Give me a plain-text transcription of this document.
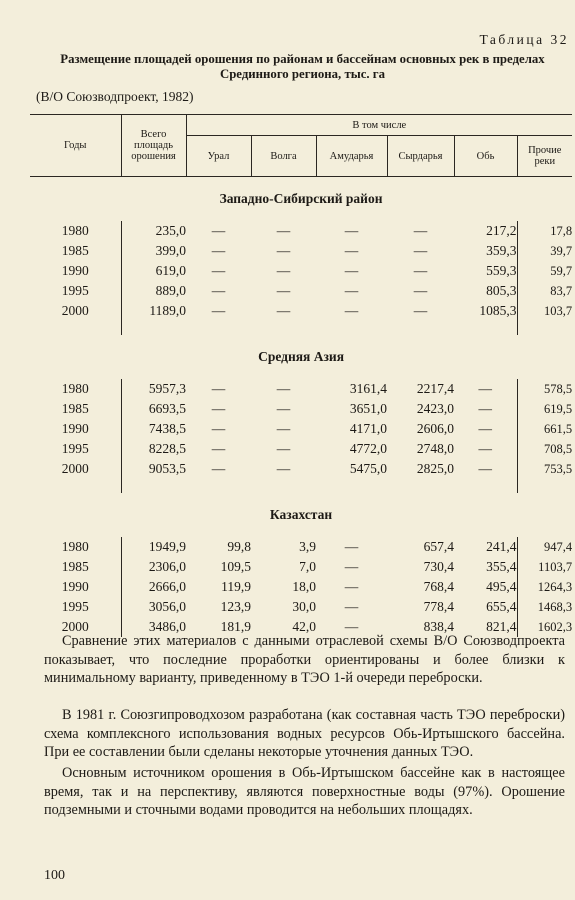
Таблица 32
Размещение площадей орошения по районам и бассейнам основных рек в пределах Срединного региона, тыс. га
(В/О Союзводпроект, 1982)
Годы	Всего площадь орошения	В том числе					
		Урал	Волга	Амударья	Сырдарья	Обь	Прочие реки
Западно-Сибирский район							
1980	235,0	—	—	—	—	217,2	17,8
1985	399,0	—	—	—	—	359,3	39,7
1990	619,0	—	—	—	—	559,3	59,7
1995	889,0	—	—	—	—	805,3	83,7
2000	1189,0	—	—	—	—	1085,3	103,7

Средняя Азия							
1980	5957,3	—	—	3161,4	2217,4	—	578,5
1985	6693,5	—	—	3651,0	2423,0	—	619,5
1990	7438,5	—	—	4171,0	2606,0	—	661,5
1995	8228,5	—	—	4772,0	2748,0	—	708,5
2000	9053,5	—	—	5475,0	2825,0	—	753,5

Казахстан							
1980	1949,9	99,8	3,9	—	657,4	241,4	947,4
1985	2306,0	109,5	7,0	—	730,4	355,4	1103,7
1990	2666,0	119,9	18,0	—	768,4	495,4	1264,3
1995	3056,0	123,9	30,0	—	778,4	655,4	1468,3
2000	3486,0	181,9	42,0	—	838,4	821,4	1602,3

Сравнение этих материалов с данными отраслевой схемы В/О Союзводпроекта показывает, что последние проработки ориентированы и более близки к минимальному варианту, приведенному в ТЭО 1-й очереди переброски.

В 1981 г. Союзгипроводхозом разработана (как составная часть ТЭО переброски) схема комплексного использования водных ресурсов Обь-Иртышского бассейна. При ее составлении были сделаны некоторые уточнения данных ТЭО.

Основным источником орошения в Обь-Иртышском бассейне как в настоящее время, так и на перспективу, являются поверхностные воды (97%). Орошение подземными и сточными водами проводится на небольших площадях.

100
